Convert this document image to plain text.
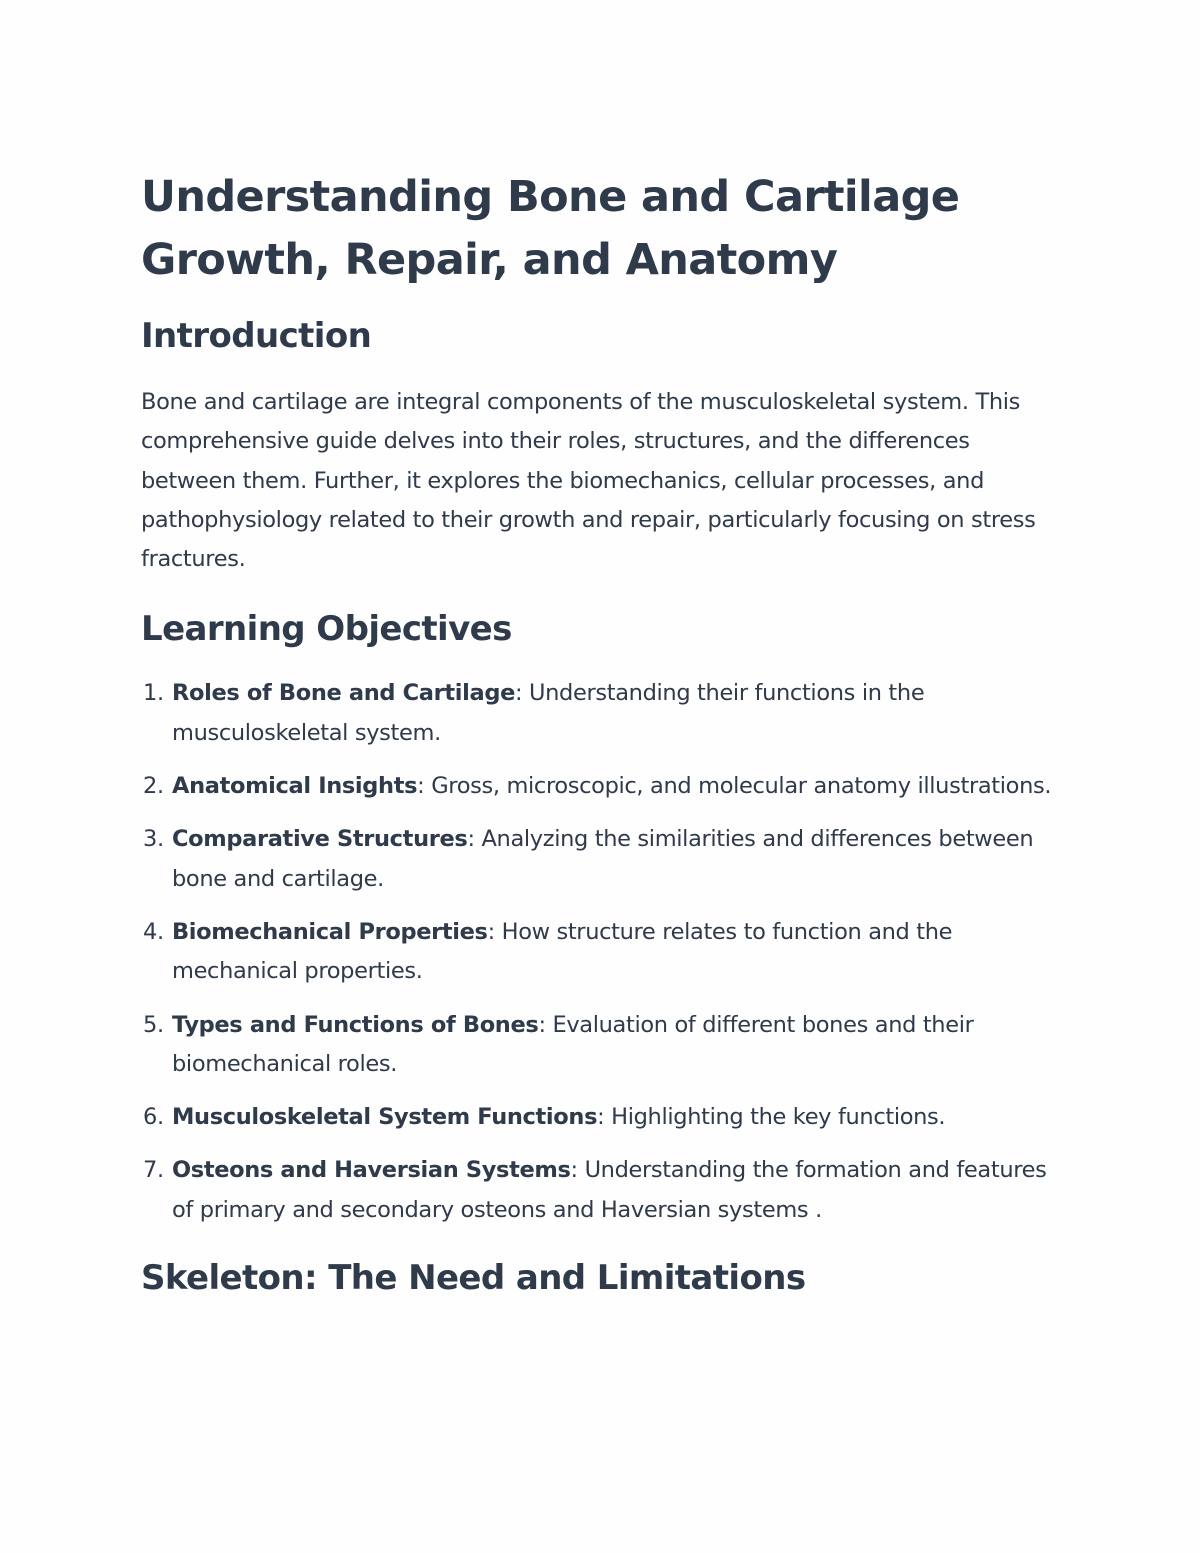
Understanding Bone and Cartilage Growth, Repair, and Anatomy
Introduction

Bone and cartilage are integral components of the musculoskeletal system. This comprehensive guide delves into their roles, structures, and the differences between them. Further, it explores the biomechanics, cellular processes, and pathophysiology related to their growth and repair, particularly focusing on stress fractures.

Learning Objectives
1. Roles of Bone and Cartilage: Understanding their functions in the musculoskeletal system.
2. Anatomical Insights: Gross, microscopic, and molecular anatomy illustrations.
3. Comparative Structures: Analyzing the similarities and differences between bone and cartilage.
4. Biomechanical Properties: How structure relates to function and the mechanical properties.
5. Types and Functions of Bones: Evaluation of different bones and their biomechanical roles.
6. Musculoskeletal System Functions: Highlighting the key functions.
7. Osteons and Haversian Systems: Understanding the formation and features of primary and secondary osteons and Haversian systems .
Skeleton: The Need and Limitations
